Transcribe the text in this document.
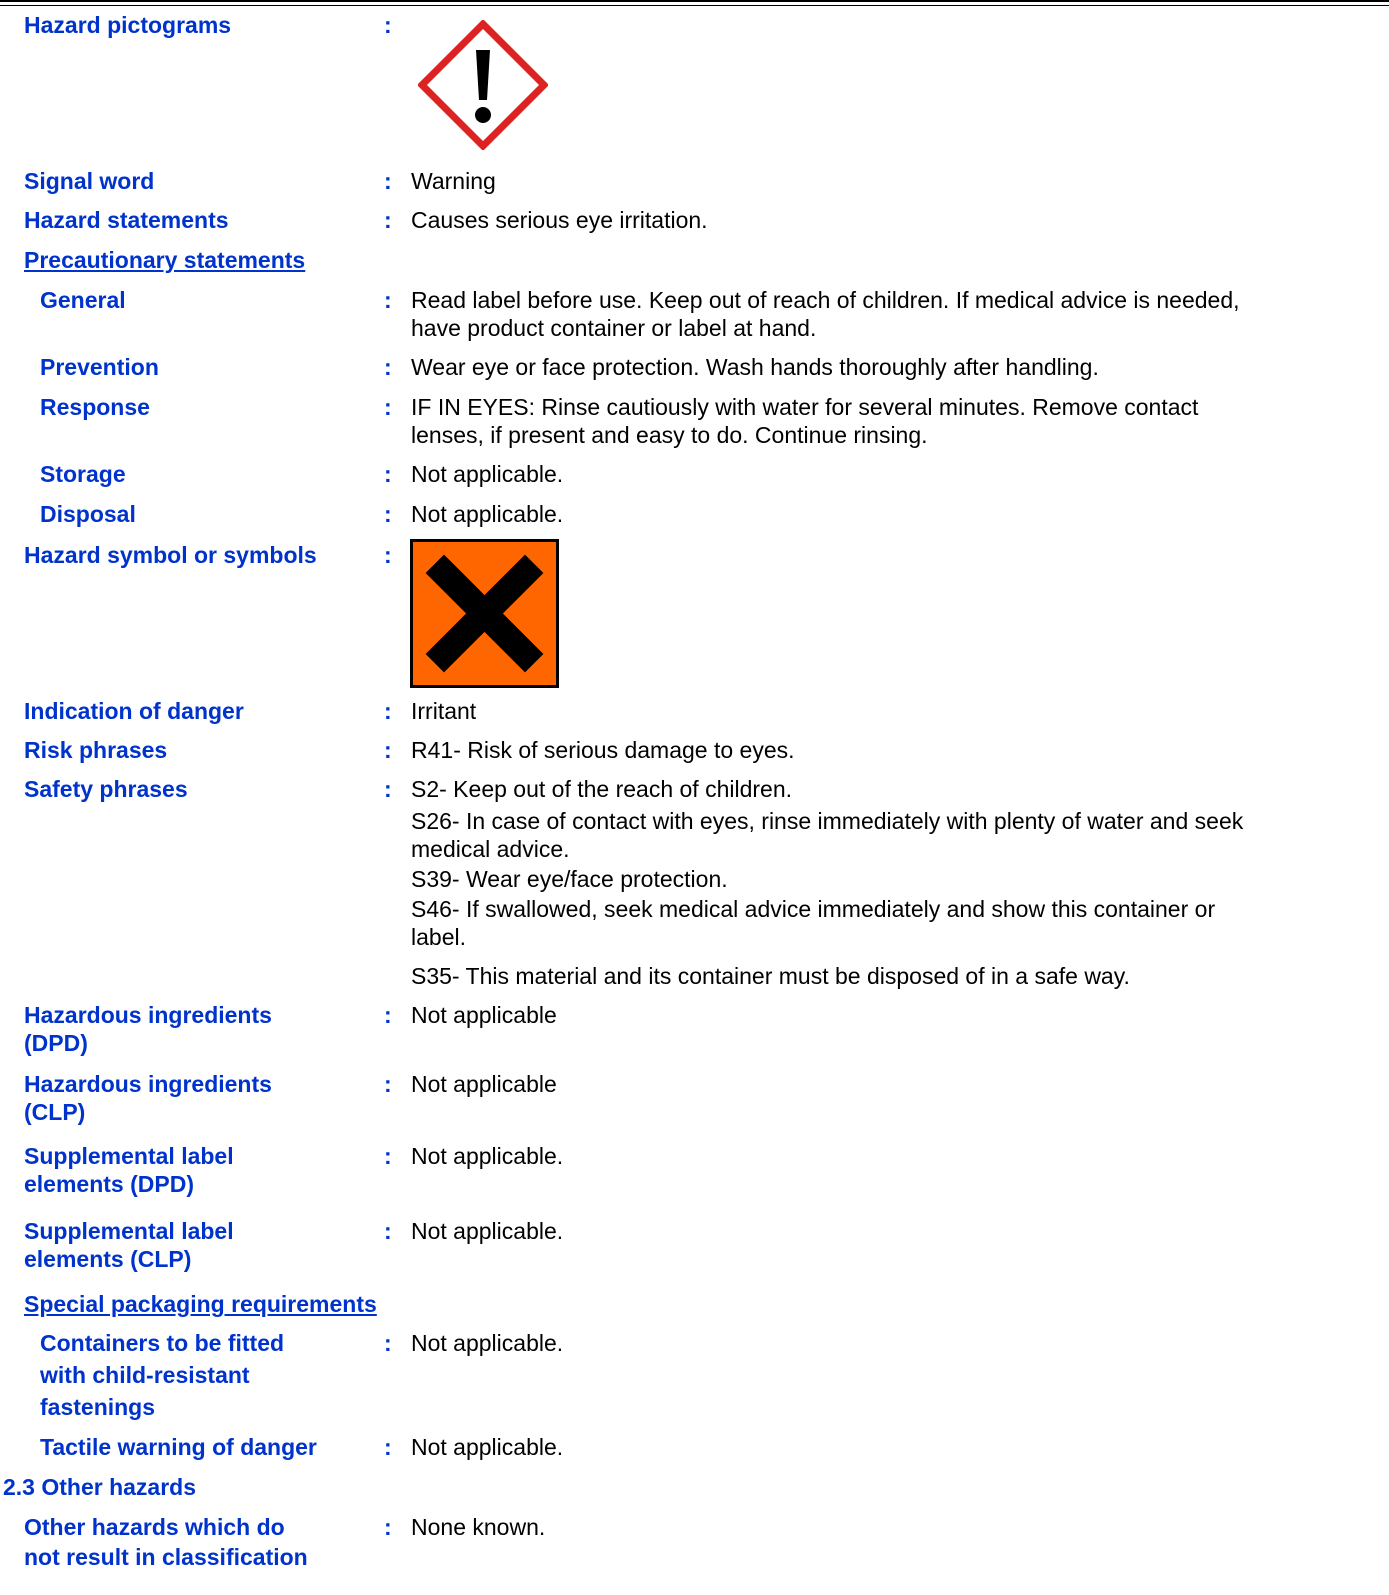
Hazard pictograms	:
Signal word	: Warning
Hazard statements	: Causes serious eye irritation.
Precautionary statements
General	: Read label before use. Keep out of reach of children. If medical advice is needed,
have product container or label at hand.
Prevention	: Wear eye or face protection. Wash hands thoroughly after handling.
Response	: IF IN EYES: Rinse cautiously with water for several minutes. Remove contact
lenses, if present and easy to do. Continue rinsing.
Storage	: Not applicable.
Disposal	: Not applicable.
Hazard symbol or symbols	:
Indication of danger	: Irritant
Risk phrases	: R41- Risk of serious damage to eyes.
Safety phrases	: S2- Keep out of the reach of children.
S26- In case of contact with eyes, rinse immediately with plenty of water and seek
medical advice.
S39- Wear eye/face protection.
S46- If swallowed, seek medical advice immediately and show this container or
label.
S35- This material and its container must be disposed of in a safe way.
Hazardous ingredients
(DPD)
: Not applicable
Hazardous ingredients
(CLP)
: Not applicable
Supplemental label
elements (DPD)
: Not applicable.
Supplemental label
elements (CLP)
: Not applicable.
Special packaging requirements
Containers to be fitted
with child-resistant
fastenings
: Not applicable.
Tactile warning of danger	: Not applicable.
2.3 Other hazards
Other hazards which do
not result in classification
: None known.
